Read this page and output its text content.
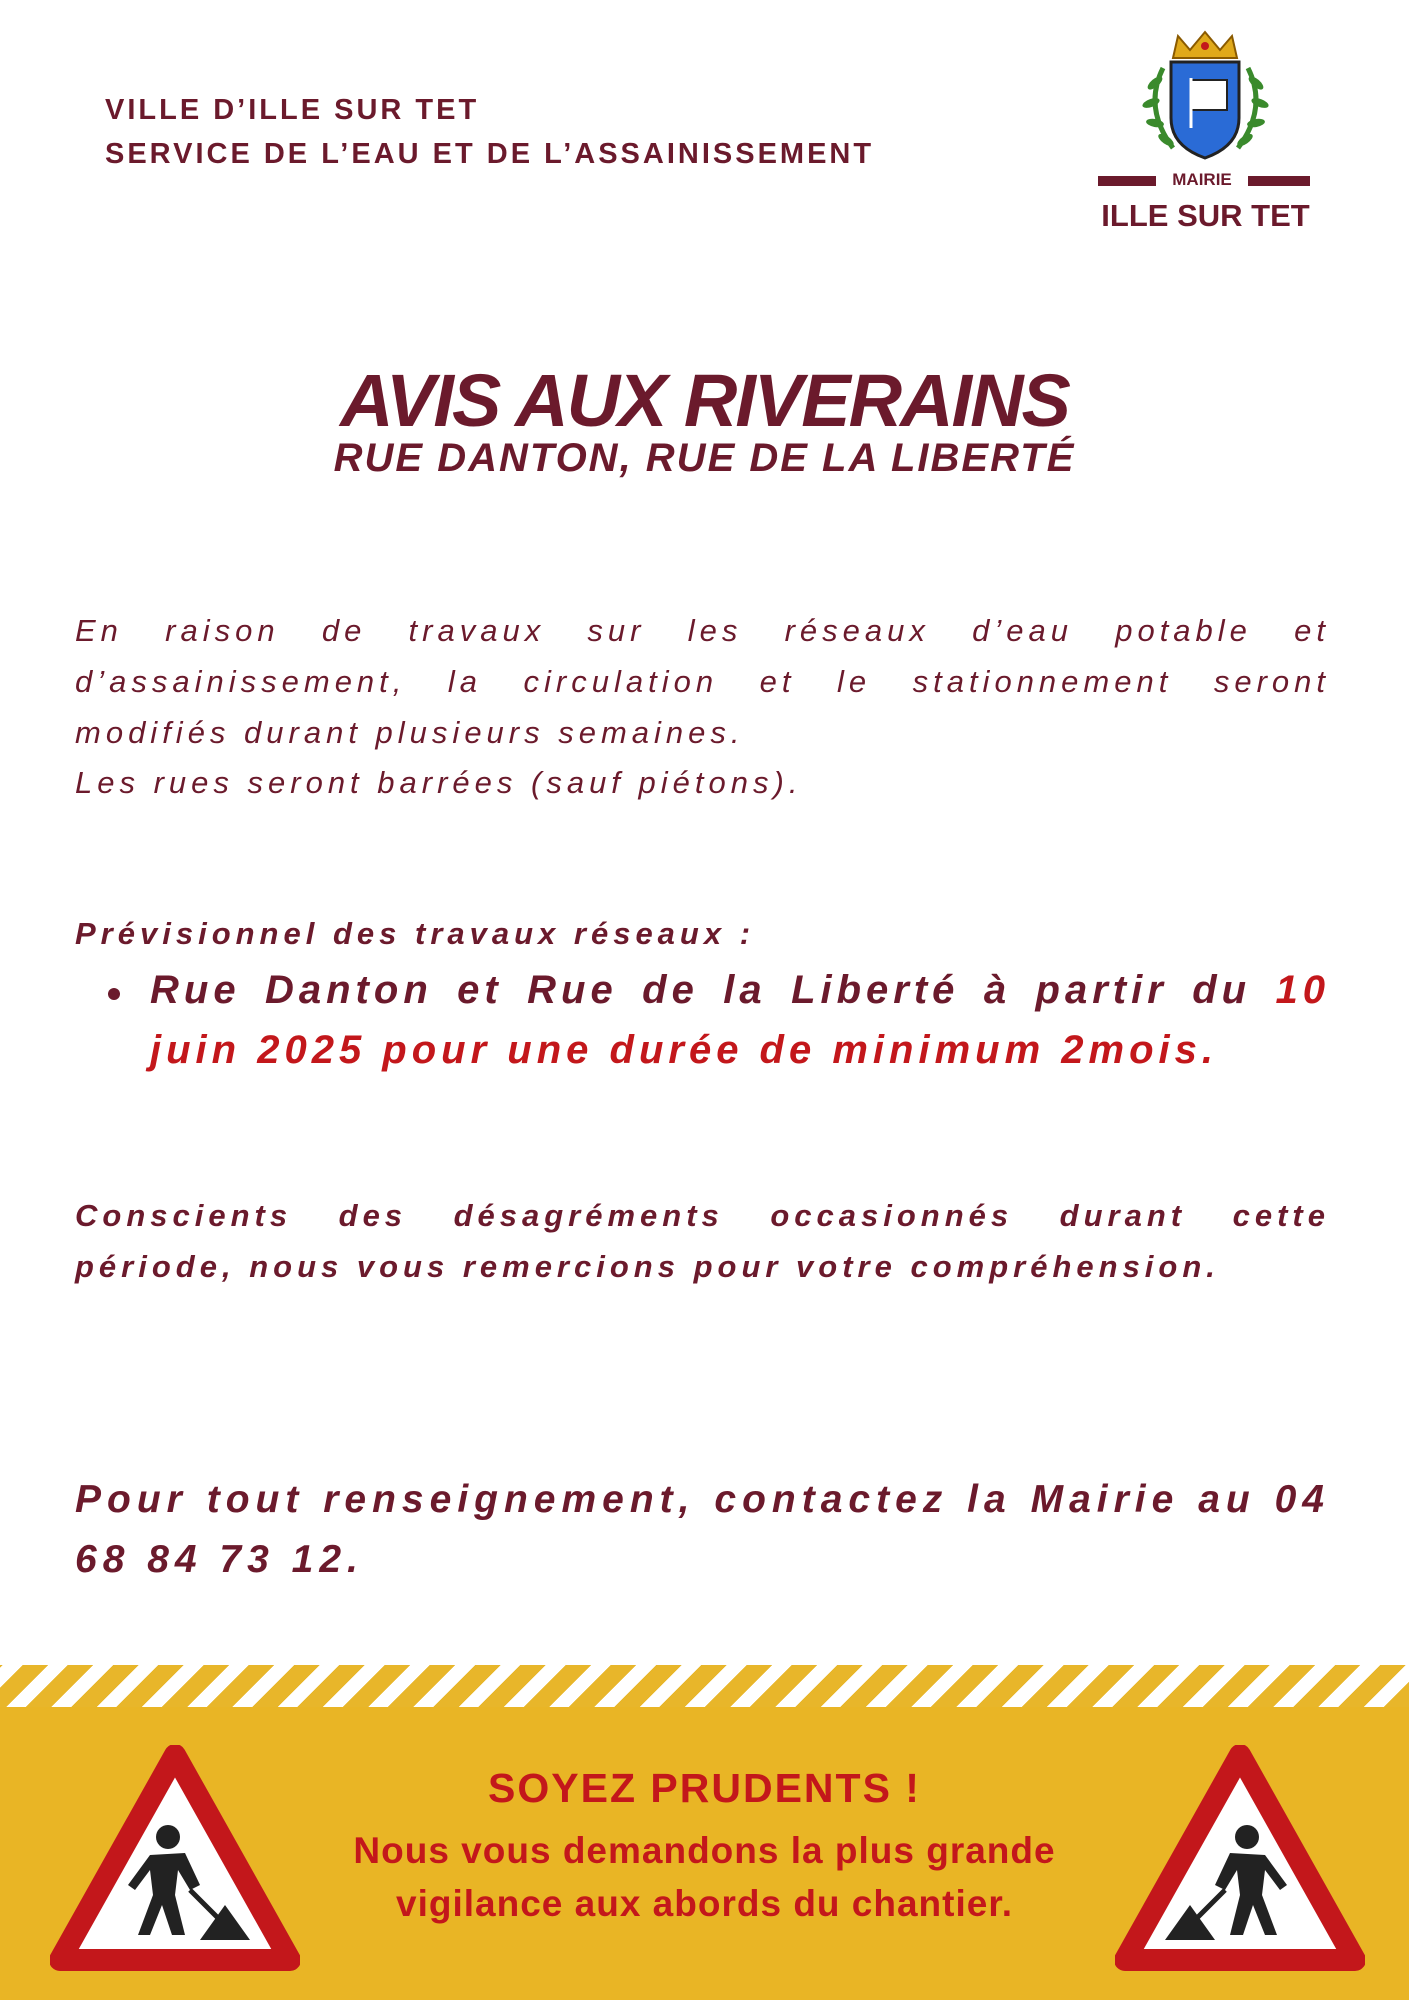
VILLE D’ILLE SUR TET
SERVICE DE L’EAU ET DE L’ASSAINISSEMENT
MAIRIE
ILLE SUR TET
AVIS AUX RIVERAINS
RUE DANTON, RUE DE LA LIBERTÉ
En raison de travaux sur les réseaux d’eau potable et d’assainissement, la circulation et le stationnement seront modifiés durant plusieurs semaines.
Les rues seront barrées (sauf piétons).
Prévisionnel des travaux réseaux :
Rue Danton et Rue de la Liberté à partir du 10 juin 2025 pour une durée de minimum 2mois.
Conscients des désagréments occasionnés durant cette période, nous vous remercions pour votre compréhension.
Pour tout renseignement, contactez la Mairie au 04 68 84 73 12.
SOYEZ PRUDENTS !
Nous vous demandons la plus grande
vigilance aux abords du chantier.
